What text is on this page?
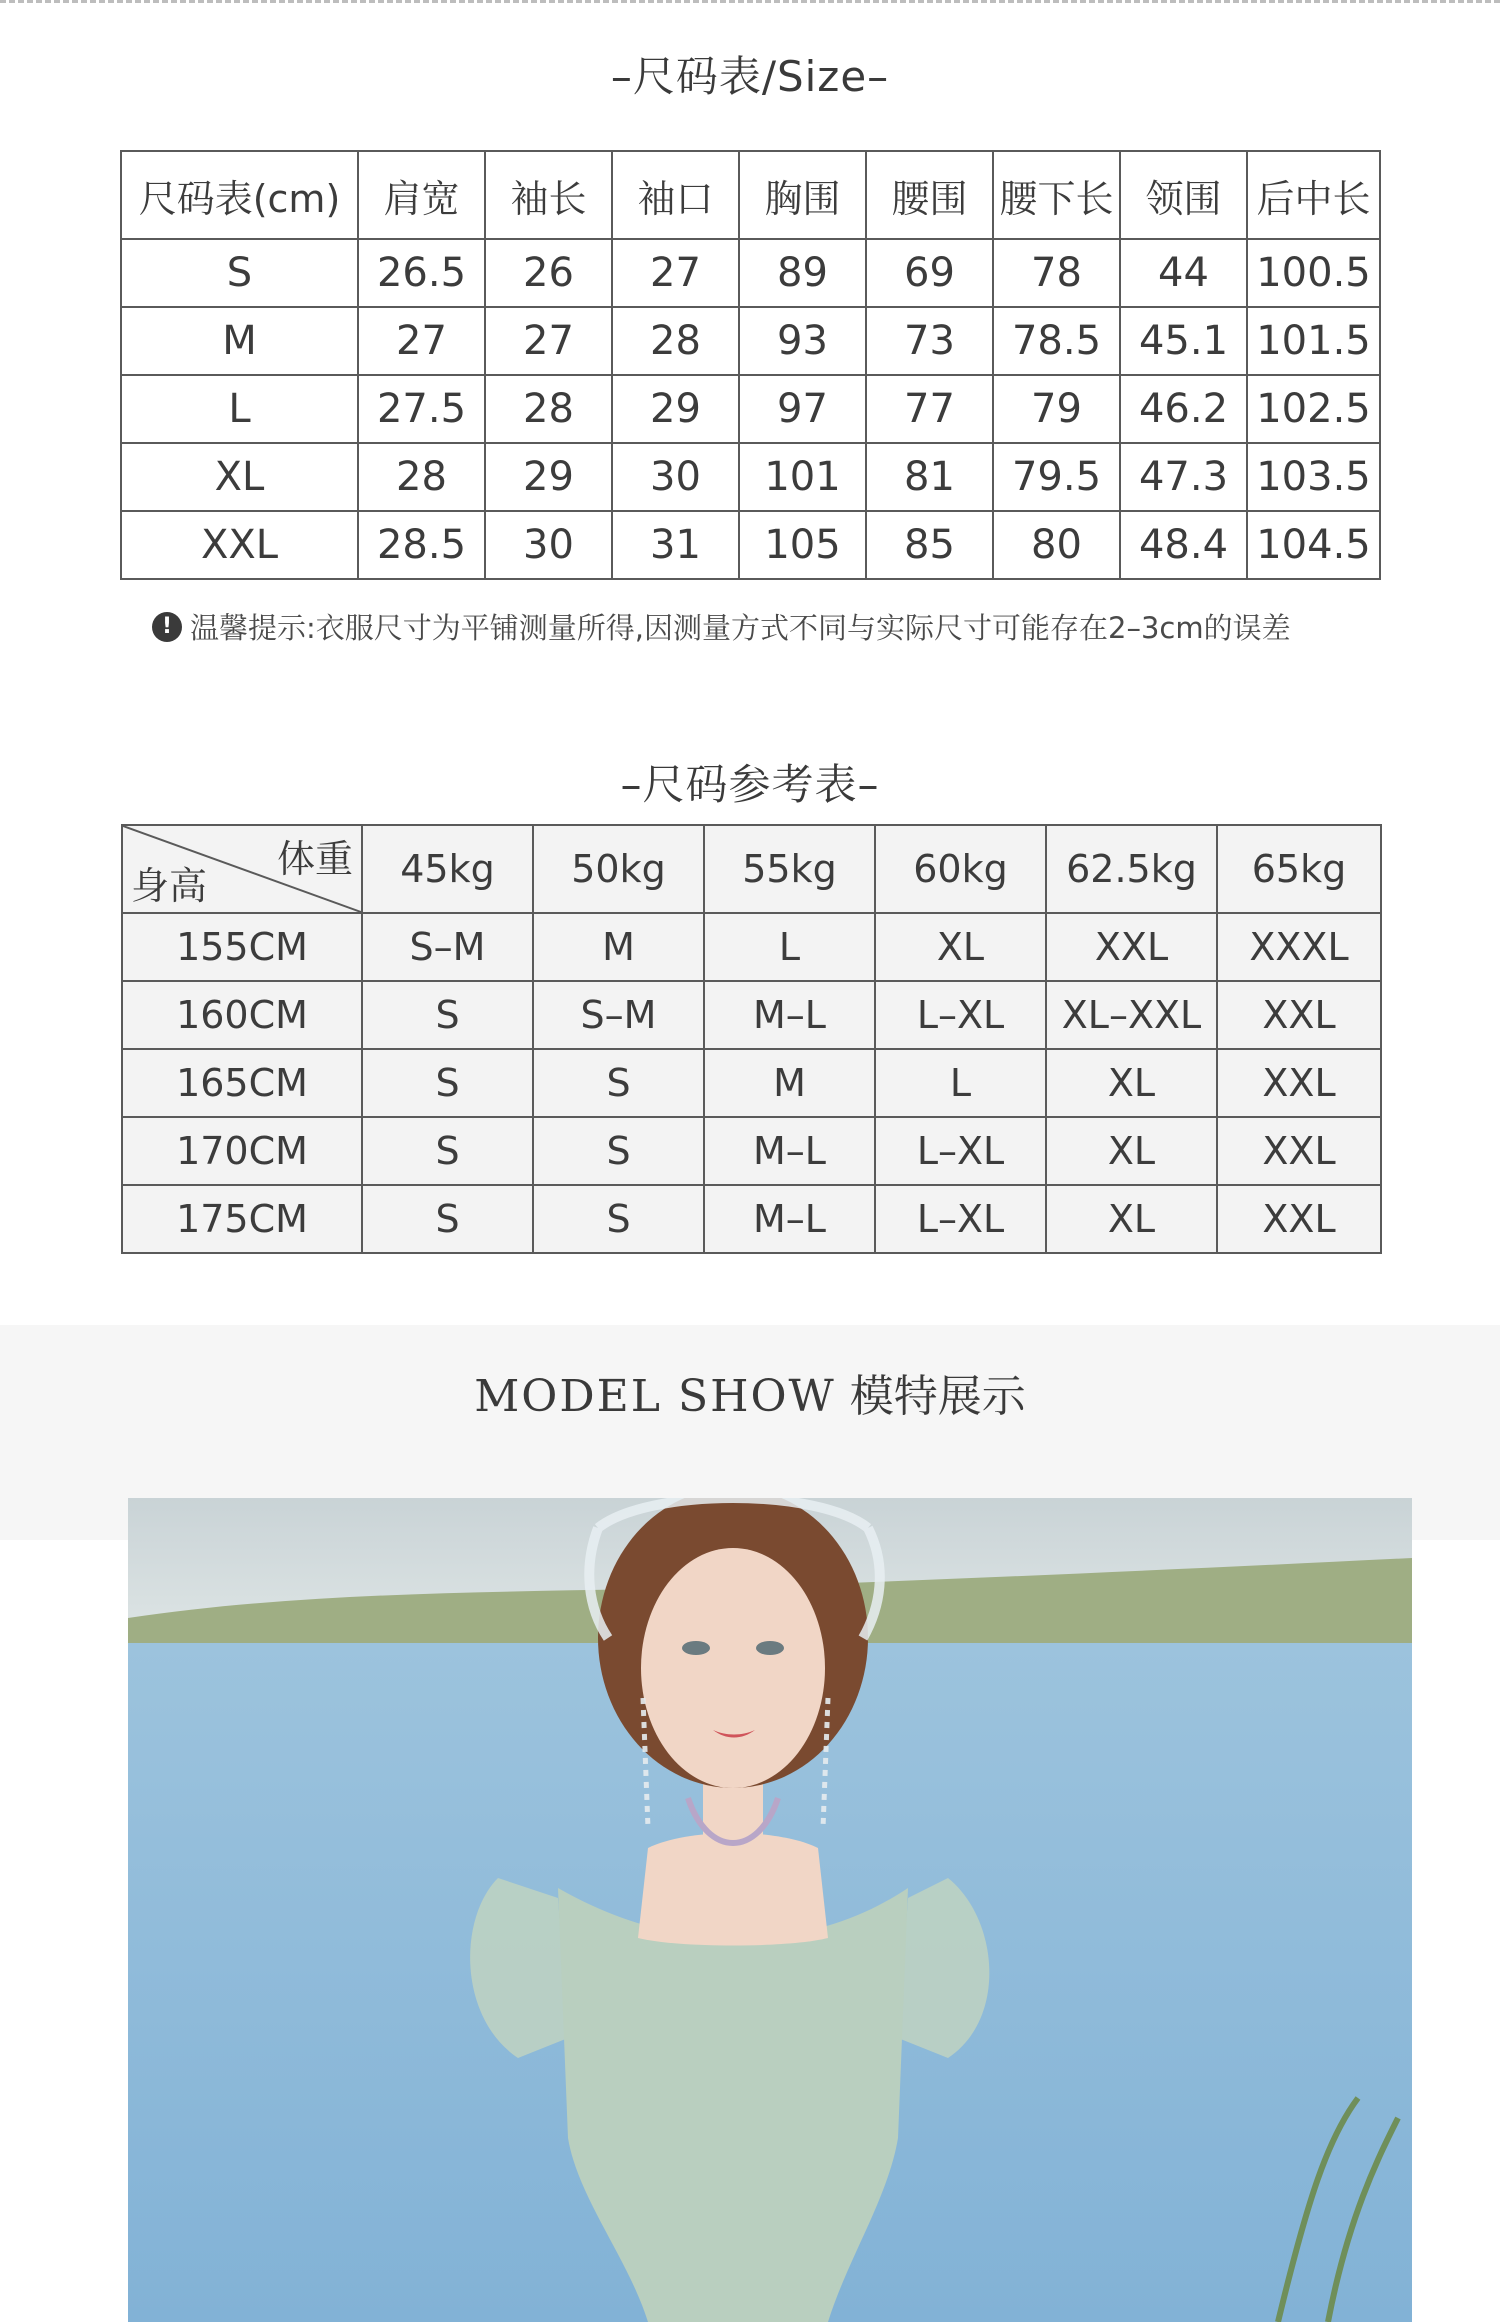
–尺码表/Size–
尺码表(cm)	肩宽	袖长	袖口	胸围	腰围	腰下长	领围	后中长
S	26.5	26	27	89	69	78	44	100.5
M	27	27	28	93	73	78.5	45.1	101.5
L	27.5	28	29	97	77	79	46.2	102.5
XL	28	29	30	101	81	79.5	47.3	103.5
XXL	28.5	30	31	105	85	80	48.4	104.5
! 温馨提示:衣服尺寸为平铺测量所得,因测量方式不同与实际尺寸可能存在2–3cm的误差
–尺码参考表–
体重
身高	45kg	50kg	55kg	60kg	62.5kg	65kg
155CM	S–M	M	L	XL	XXL	XXXL
160CM	S	S–M	M–L	L–XL	XL–XXL	XXL
165CM	S	S	M	L	XL	XXL
170CM	S	S	M–L	L–XL	XL	XXL
175CM	S	S	M–L	L–XL	XL	XXL
MODEL SHOW 模特展示
